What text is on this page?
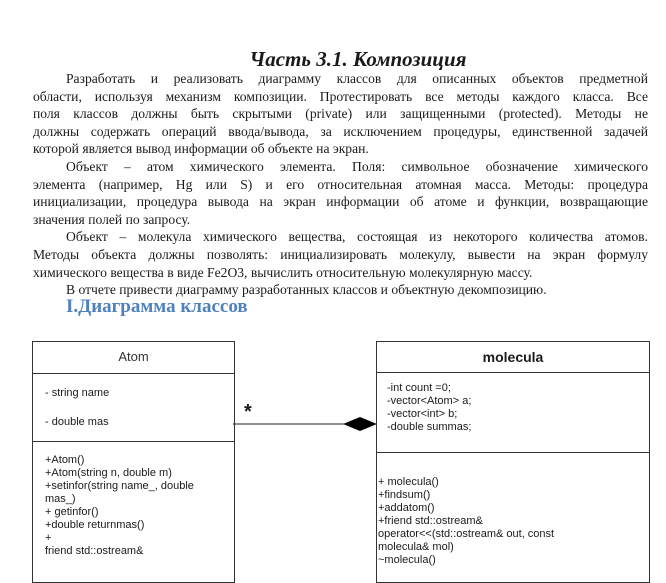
Часть 3.1. Композиция
Разработать и реализовать диаграмму классов для описанных объектов предметной
области, используя механизм композиции. Протестировать все методы каждого класса. Все
поля классов должны быть скрытыми (private) или защищенными (protected). Методы не
должны содержать операций ввода/вывода, за исключением процедуры, единственной задачей
которой является вывод информации об объекте на экран.
Объект – атом химического элемента. Поля: символьное обозначение химического
элемента (например, Hg или S) и его относительная атомная масса. Методы: процедура
инициализации, процедура вывода на экран информации об атоме и функции, возвращающие
значения полей по запросу.
Объект – молекула химического вещества, состоящая из некоторого количества атомов.
Методы объекта должны позволять: инициализировать молекулу, вывести на экран формулу
химического вещества в виде Fe2O3, вычислить относительную молекулярную массу.
В отчете привести диаграмму разработанных классов и объектную декомпозицию.
I.Диаграмма классов
Atom
- string name
- double mas
+Atom()
+Atom(string n, double m)
+setinfor(string name_, double
mas_)
+ getinfor()
+double returnmas()
+
friend std::ostream&
*
molecula
-int count =0;
-vector<Atom> a;
-vector<int> b;
-double summas;
+ molecula()
+findsum()
+addatom()
+friend std::ostream&
operator<<(std::ostream& out, const
molecula& mol)
~molecula()
